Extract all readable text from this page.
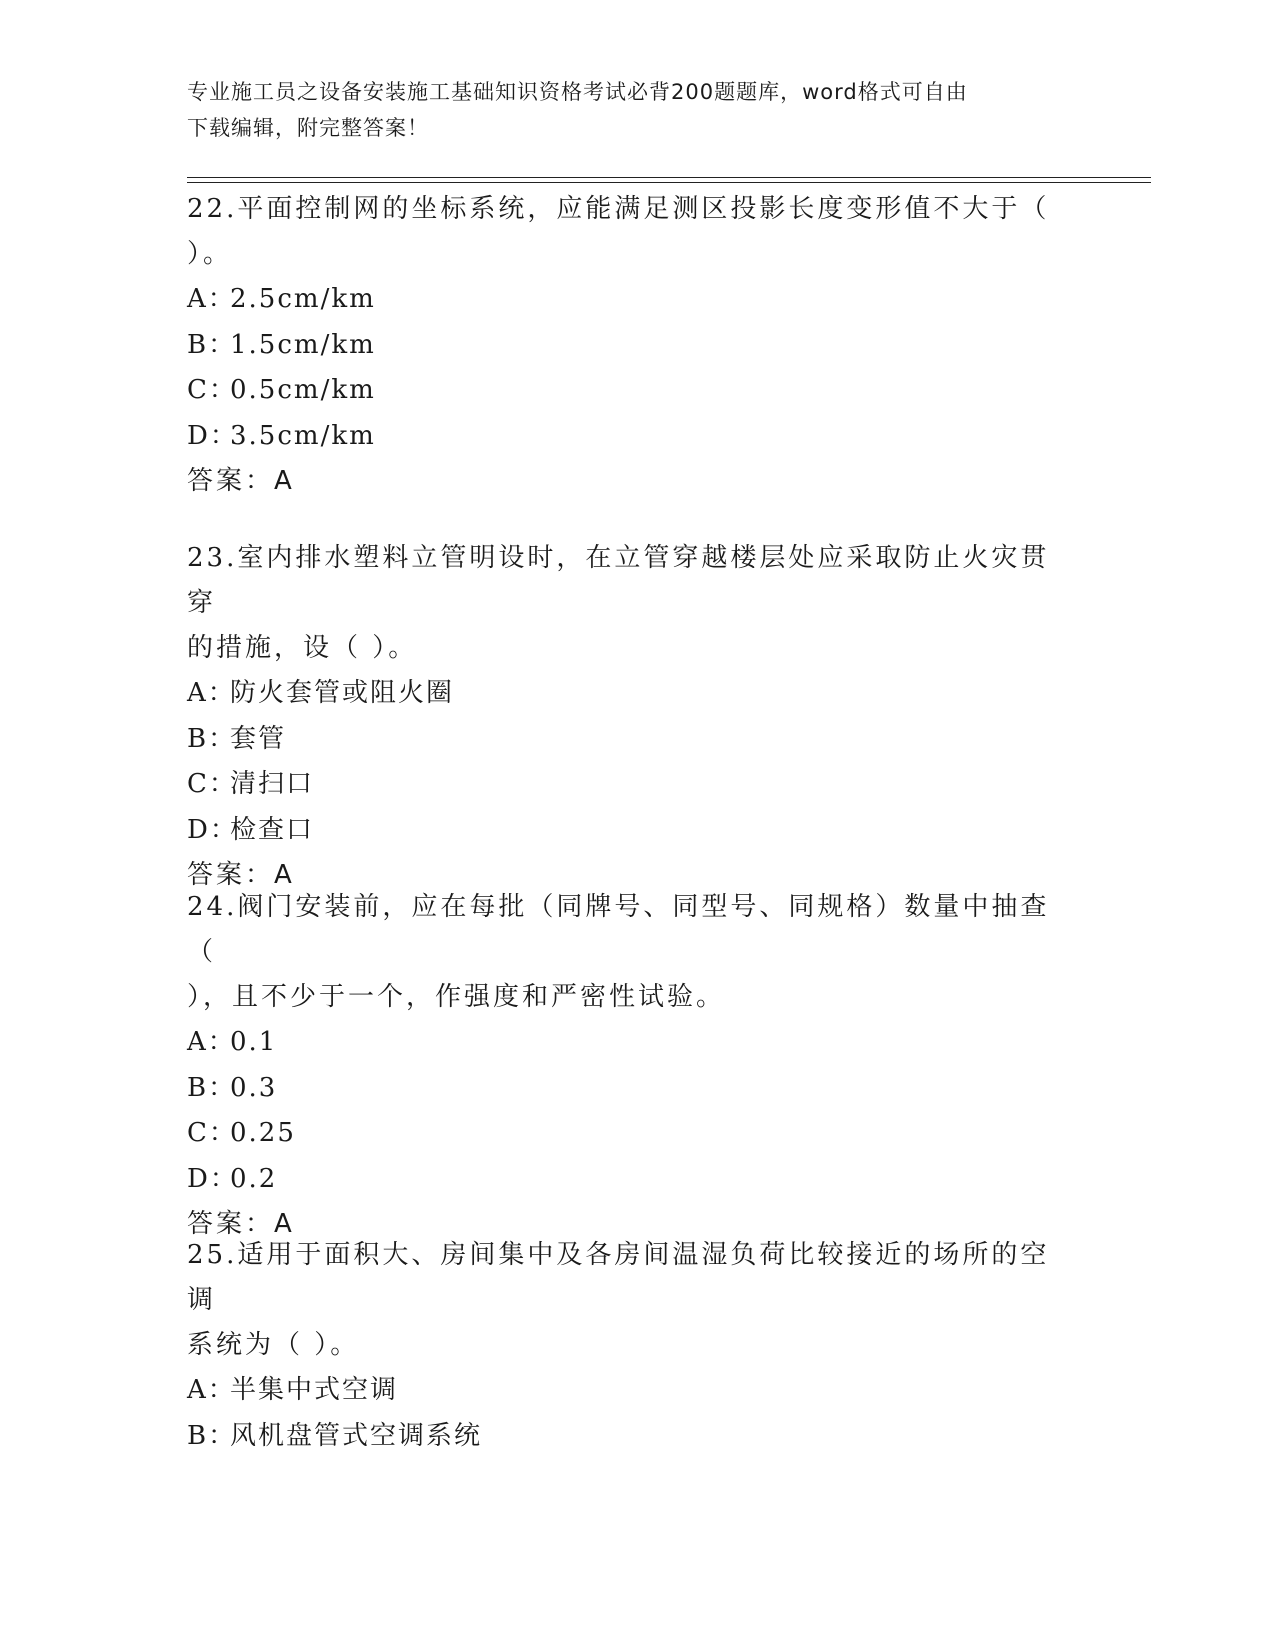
专业施工员之设备安装施工基础知识资格考试必背200题题库，word格式可自由
下载编辑，附完整答案！
22.平面控制网的坐标系统，应能满足测区投影长度变形值不大于（
）。
A：2.5cm/km
B：1.5cm/km
C：0.5cm/km
D：3.5cm/km
答案：A
23.室内排水塑料立管明设时，在立管穿越楼层处应采取防止火灾贯穿
的措施，设（ ）。
A：防火套管或阻火圈
B：套管
C：清扫口
D：检查口
答案：A
24.阀门安装前，应在每批（同牌号、同型号、同规格）数量中抽查（
），且不少于一个，作强度和严密性试验。
A：0.1
B：0.3
C：0.25
D：0.2
答案：A
25.适用于面积大、房间集中及各房间温湿负荷比较接近的场所的空调
系统为（ ）。
A：半集中式空调
B：风机盘管式空调系统
